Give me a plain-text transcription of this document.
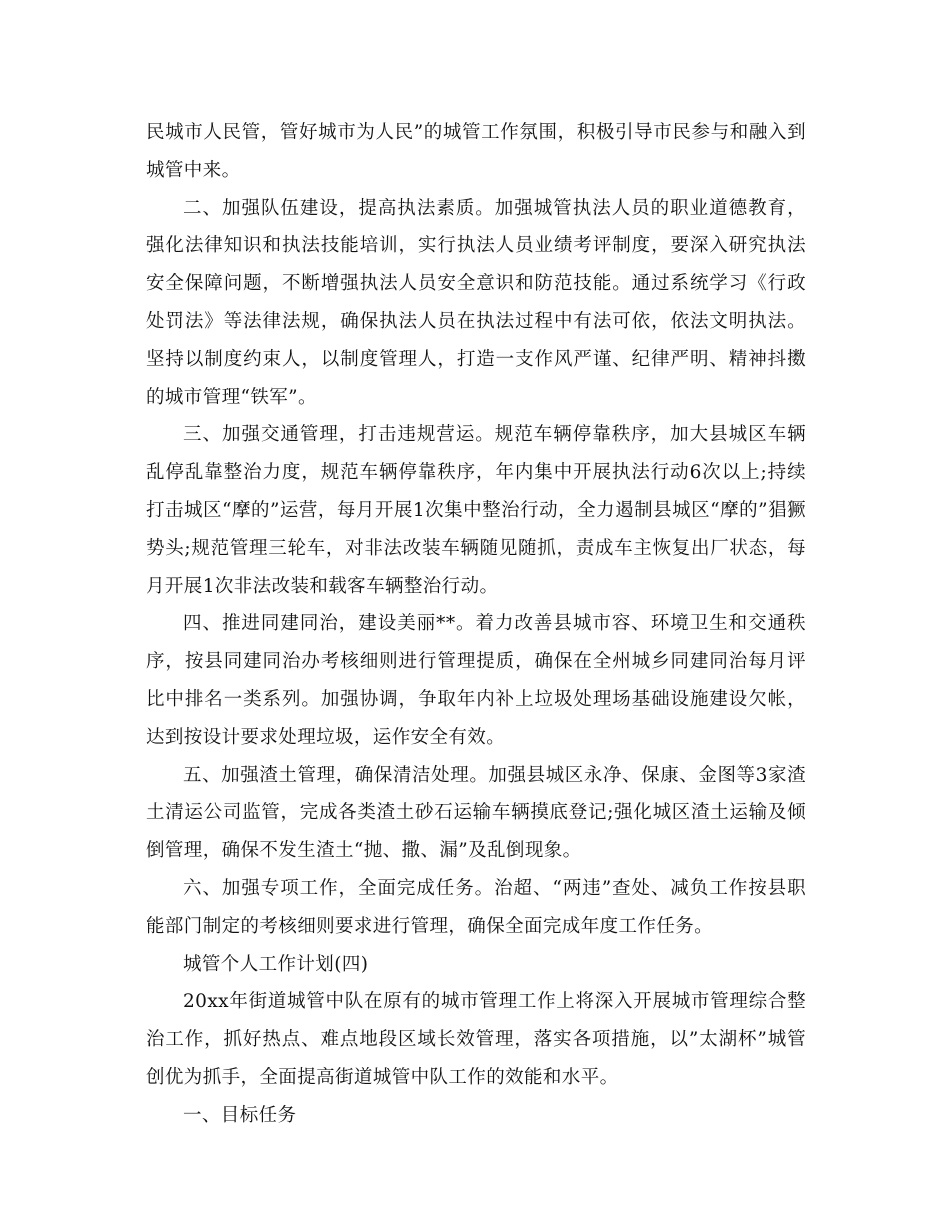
民城市人民管，管好城市为人民”的城管工作氛围，积极引导市民参与和融入到城管中来。

二、加强队伍建设，提高执法素质。加强城管执法人员的职业道德教育，强化法律知识和执法技能培训，实行执法人员业绩考评制度，要深入研究执法安全保障问题，不断增强执法人员安全意识和防范技能。通过系统学习《行政处罚法》等法律法规，确保执法人员在执法过程中有法可依，依法文明执法。坚持以制度约束人，以制度管理人，打造一支作风严谨、纪律严明、精神抖擞的城市管理“铁军”。

三、加强交通管理，打击违规营运。规范车辆停靠秩序，加大县城区车辆乱停乱靠整治力度，规范车辆停靠秩序，年内集中开展执法行动6次以上;持续打击城区“摩的”运营，每月开展1次集中整治行动，全力遏制县城区“摩的”猖獗势头;规范管理三轮车，对非法改装车辆随见随抓，责成车主恢复出厂状态，每月开展1次非法改装和载客车辆整治行动。

四、推进同建同治，建设美丽**。着力改善县城市容、环境卫生和交通秩序，按县同建同治办考核细则进行管理提质，确保在全州城乡同建同治每月评比中排名一类系列。加强协调，争取年内补上垃圾处理场基础设施建设欠帐，达到按设计要求处理垃圾，运作安全有效。

五、加强渣土管理，确保清洁处理。加强县城区永净、保康、金图等3家渣土清运公司监管，完成各类渣土砂石运输车辆摸底登记;强化城区渣土运输及倾倒管理，确保不发生渣土“抛、撒、漏”及乱倒现象。

六、加强专项工作，全面完成任务。治超、“两违”查处、减负工作按县职能部门制定的考核细则要求进行管理，确保全面完成年度工作任务。

城管个人工作计划(四)

20xx年街道城管中队在原有的城市管理工作上将深入开展城市管理综合整治工作，抓好热点、难点地段区域长效管理，落实各项措施，以”太湖杯”城管创优为抓手，全面提高街道城管中队工作的效能和水平。

一、目标任务
